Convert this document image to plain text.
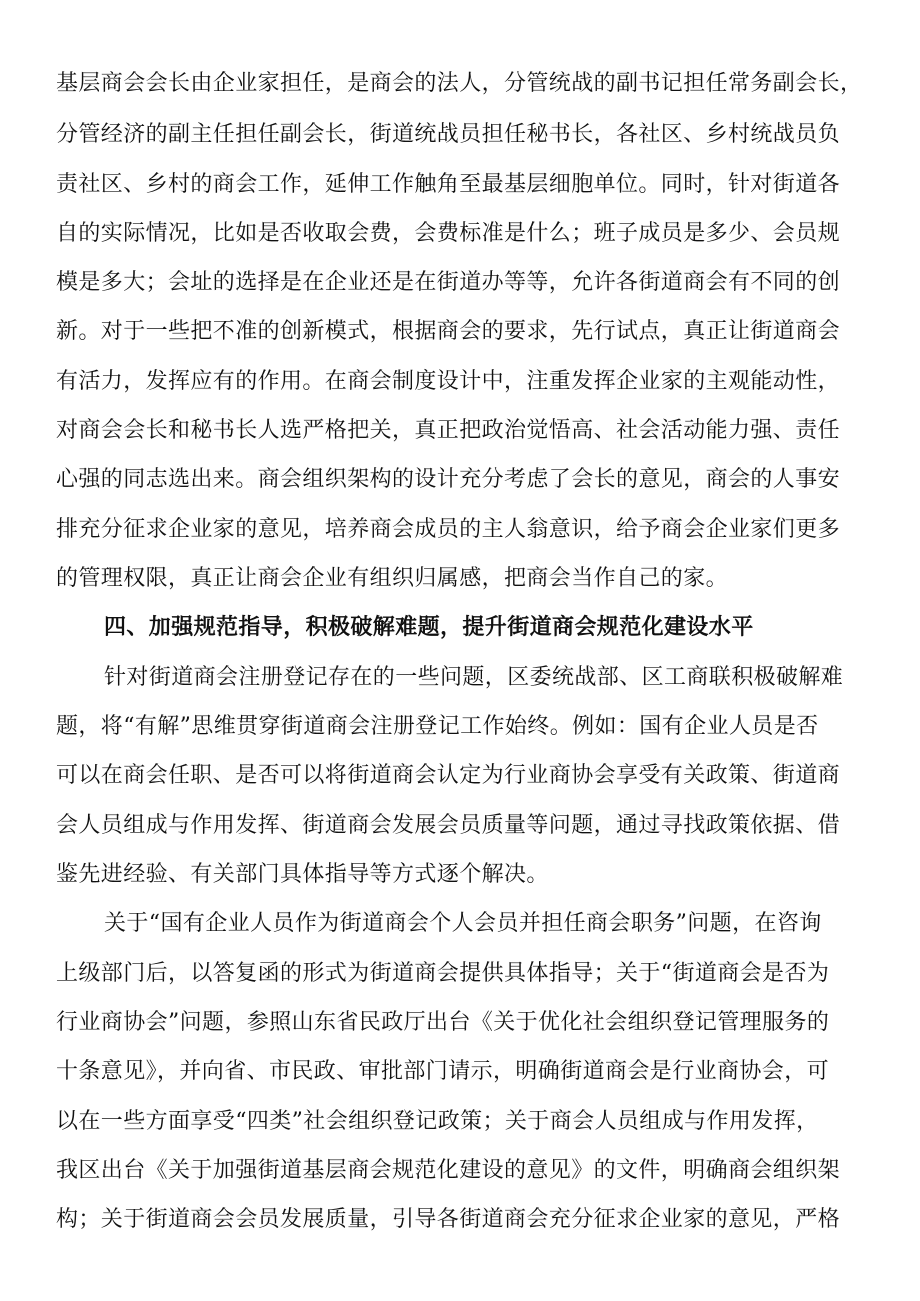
基层商会会长由企业家担任，是商会的法人，分管统战的副书记担任常务副会长，
分管经济的副主任担任副会长，街道统战员担任秘书长，各社区、乡村统战员负
责社区、乡村的商会工作，延伸工作触角至最基层细胞单位。同时，针对街道各
自的实际情况，比如是否收取会费，会费标准是什么；班子成员是多少、会员规
模是多大；会址的选择是在企业还是在街道办等等，允许各街道商会有不同的创
新。对于一些把不准的创新模式，根据商会的要求，先行试点，真正让街道商会
有活力，发挥应有的作用。在商会制度设计中，注重发挥企业家的主观能动性，
对商会会长和秘书长人选严格把关，真正把政治觉悟高、社会活动能力强、责任
心强的同志选出来。商会组织架构的设计充分考虑了会长的意见，商会的人事安
排充分征求企业家的意见，培养商会成员的主人翁意识，给予商会企业家们更多
的管理权限，真正让商会企业有组织归属感，把商会当作自己的家。
四、加强规范指导，积极破解难题，提升街道商会规范化建设水平
针对街道商会注册登记存在的一些问题，区委统战部、区工商联积极破解难
题，将“有解”思维贯穿街道商会注册登记工作始终。例如：国有企业人员是否
可以在商会任职、是否可以将街道商会认定为行业商协会享受有关政策、街道商
会人员组成与作用发挥、街道商会发展会员质量等问题，通过寻找政策依据、借
鉴先进经验、有关部门具体指导等方式逐个解决。
关于“国有企业人员作为街道商会个人会员并担任商会职务”问题，在咨询
上级部门后，以答复函的形式为街道商会提供具体指导；关于“街道商会是否为
行业商协会”问题，参照山东省民政厅出台《关于优化社会组织登记管理服务的
十条意见》，并向省、市民政、审批部门请示，明确街道商会是行业商协会，可
以在一些方面享受“四类”社会组织登记政策；关于商会人员组成与作用发挥，
我区出台《关于加强街道基层商会规范化建设的意见》的文件，明确商会组织架
构；关于街道商会会员发展质量，引导各街道商会充分征求企业家的意见，严格
